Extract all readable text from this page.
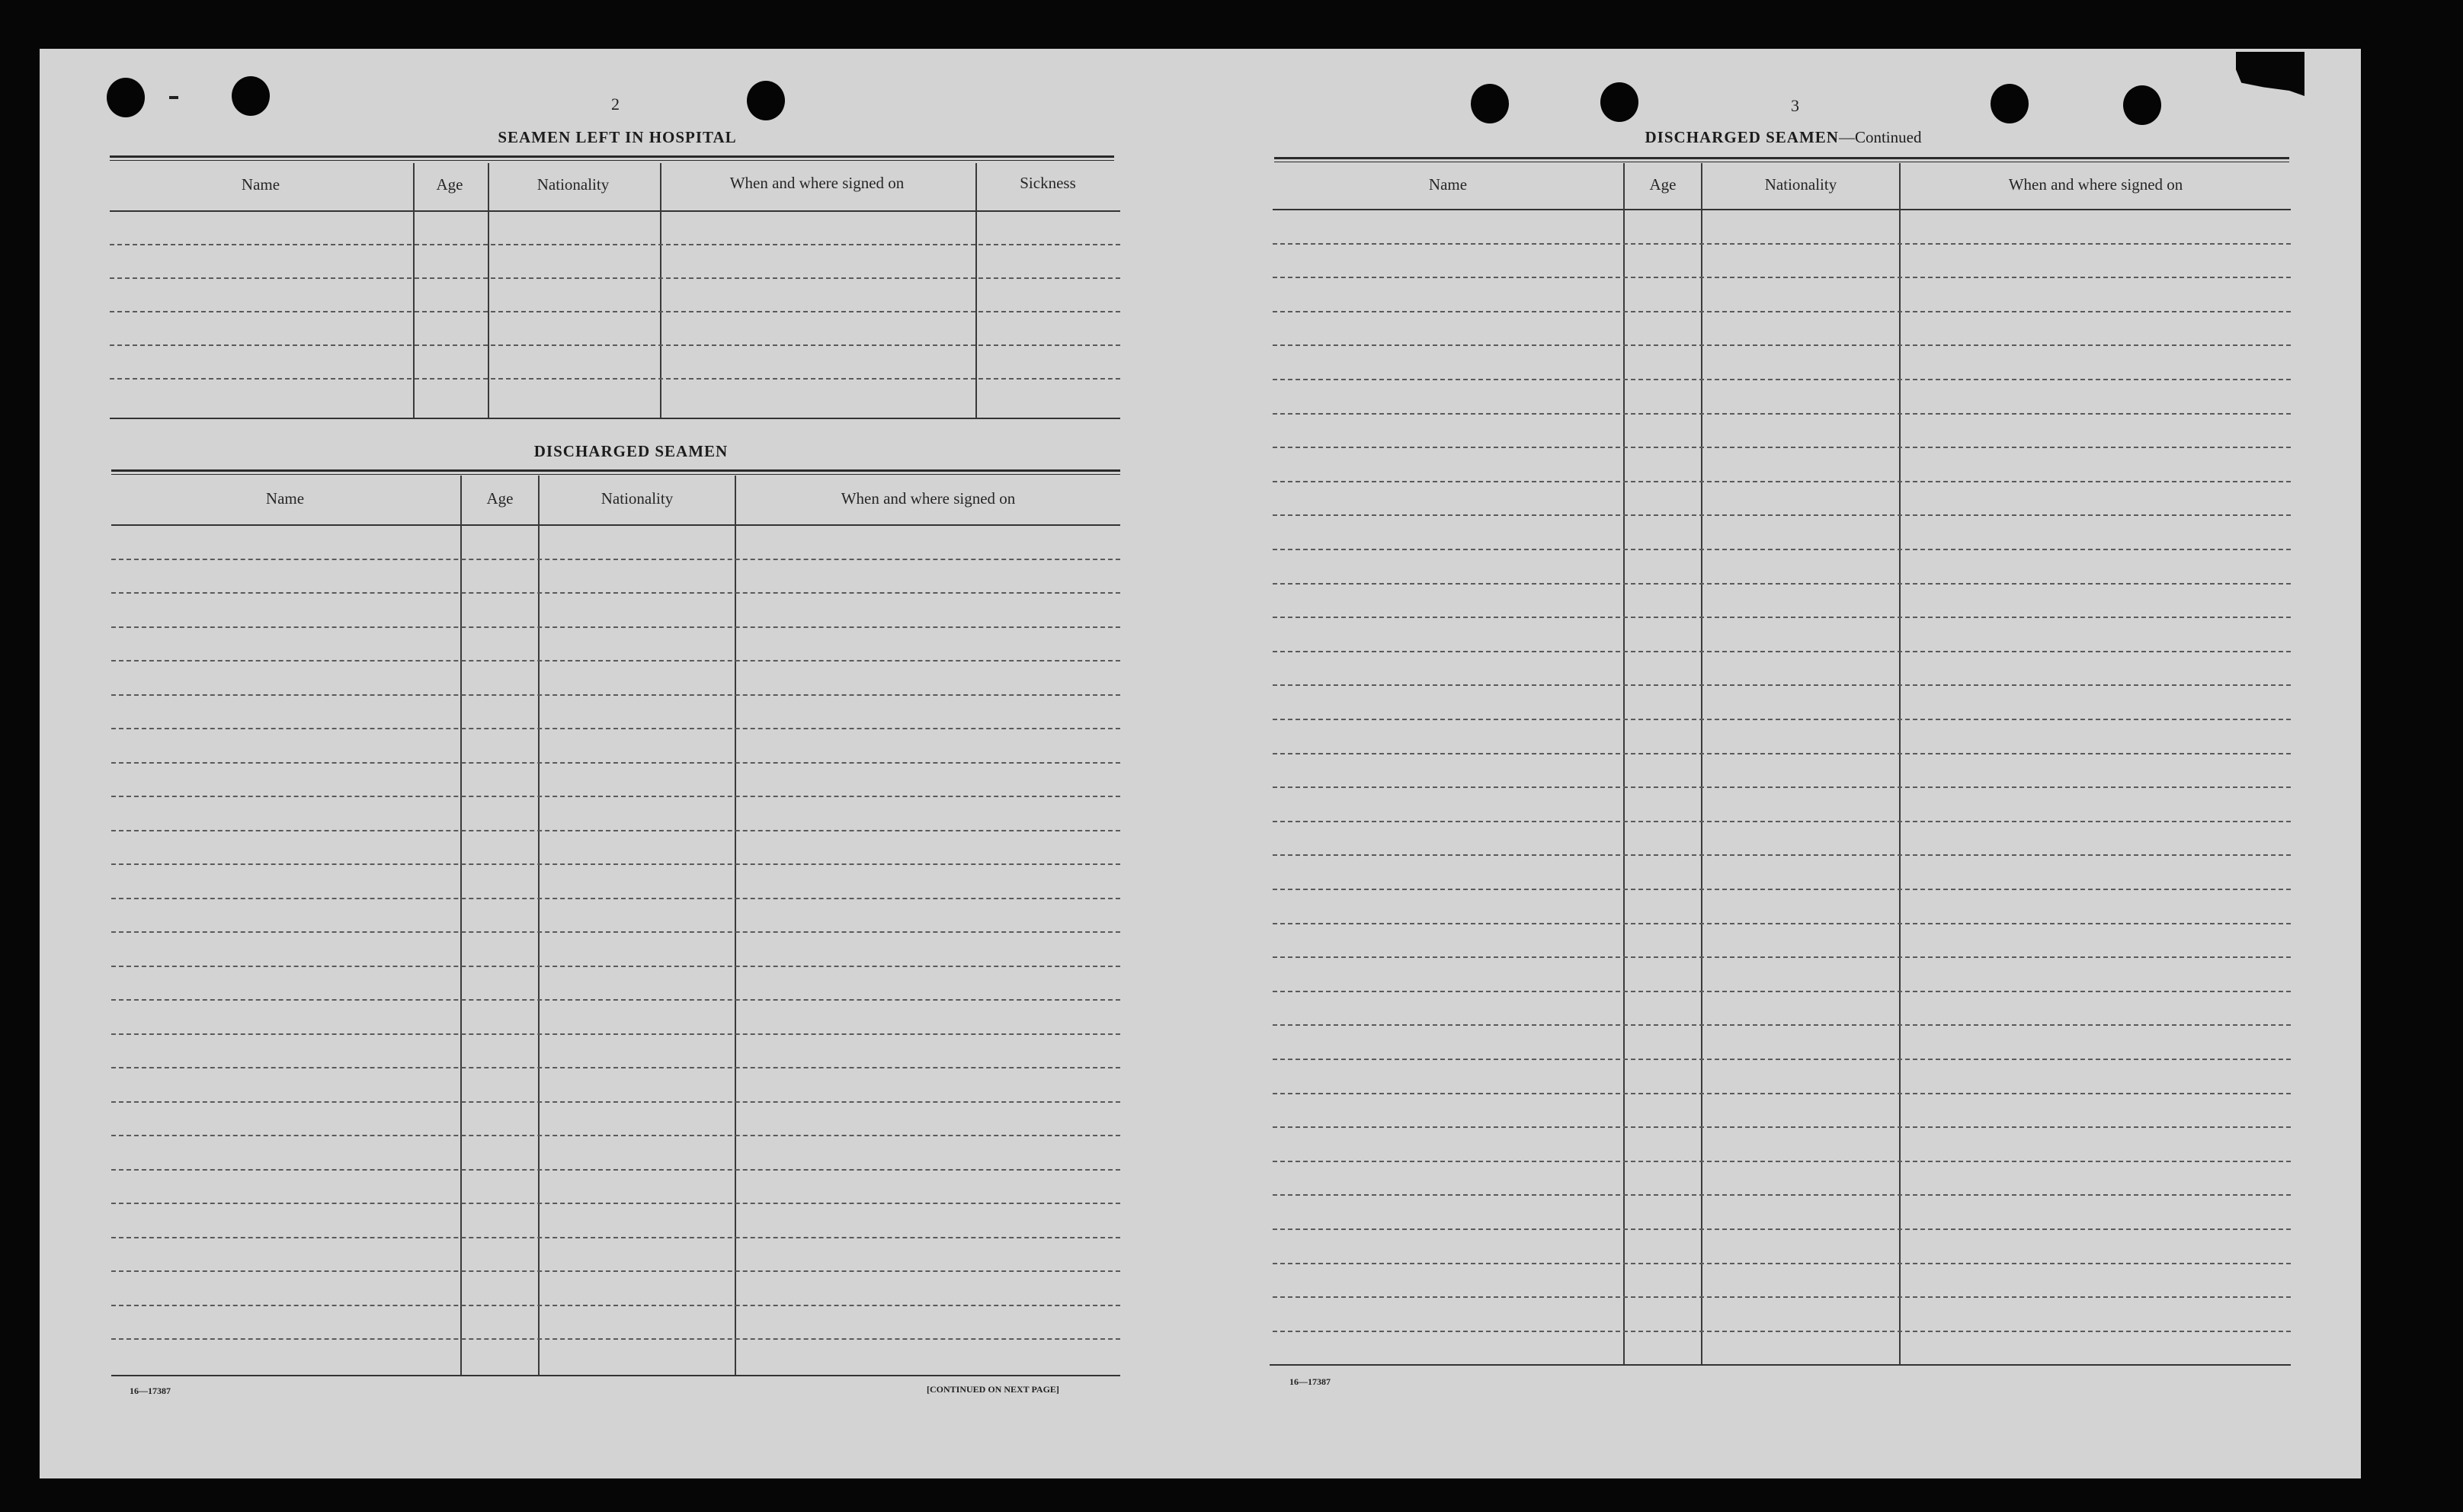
2	3
SEAMEN LEFT IN HOSPITAL
Name	Age	Nationality	When and where signed on	Sickness
DISCHARGED SEAMEN
Name	Age	Nationality	When and where signed on
16—17387	[CONTINUED ON NEXT PAGE]
DISCHARGED SEAMEN—Continued
Name	Age	Nationality	When and where signed on
16—17387
